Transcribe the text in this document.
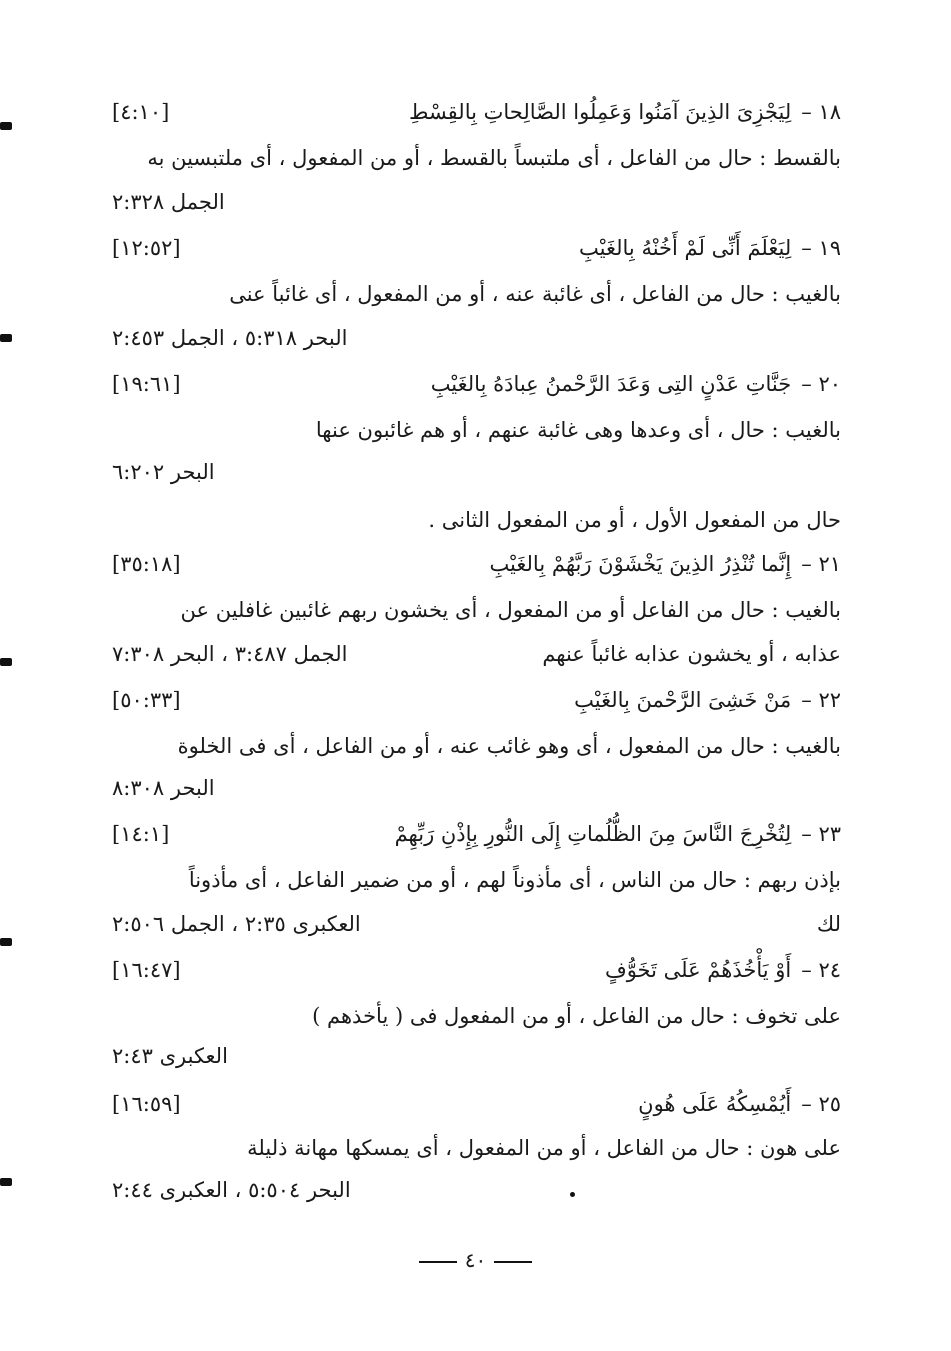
١٨ –لِيَجْزِىَ الذِينَ آمَنُوا وَعَمِلُوا الصَّالِحاتِ بِالقِسْطِ
[٤:١٠]
بالقسط : حال من الفاعل ، أى ملتبساً بالقسط ، أو من المفعول ، أى ملتبسين به
الجمل ٢:٣٢٨
١٩ –لِيَعْلَمَ أَنِّى لَمْ أَخُنْهُ بِالغَيْبِ
[١٢:٥٢]
بالغيب : حال من الفاعل ، أى غائبة عنه ، أو من المفعول ، أى غائباً عنى
البحر ٥:٣١٨ ، الجمل ٢:٤٥٣
٢٠ –جَنَّاتِ عَدْنٍ التِى وَعَدَ الرَّحْمنُ عِبادَهُ بِالغَيْبِ
[١٩:٦١]
بالغيب : حال ، أى وعدها وهى غائبة عنهم ، أو هم غائبون عنها
البحر ٦:٢٠٢
حال من المفعول الأول ، أو من المفعول الثانى .
٢١ –إِنَّما تُنْذِرُ الذِينَ يَخْشَوْنَ رَبَّهُمْ بِالغَيْبِ
[٣٥:١٨]
بالغيب : حال من الفاعل أو من المفعول ، أى يخشون ربهم غائبين غافلين عن
عذابه ، أو يخشون عذابه غائباً عنهم
الجمل ٣:٤٨٧ ، البحر ٧:٣٠٨
٢٢ –مَنْ خَشِىَ الرَّحْمنَ بِالغَيْبِ
[٥٠:٣٣]
بالغيب : حال من المفعول ، أى وهو غائب عنه ، أو من الفاعل ، أى فى الخلوة
البحر ٨:٣٠٨
٢٣ –لِتُخْرِجَ النَّاسَ مِنَ الظُّلُماتِ إِلَى النُّورِ بِإِذْنِ رَبِّهِمْ
[١٤:١]
بإذن ربهم : حال من الناس ، أى مأذوناً لهم ، أو من ضمير الفاعل ، أى مأذوناً
لك
العكبرى ٢:٣٥ ، الجمل ٢:٥٠٦
٢٤ –أَوْ يَأْخُذَهُمْ عَلَى تَخَوُّفٍ
[١٦:٤٧]
على تخوف : حال من الفاعل ، أو من المفعول فى ( يأخذهم )
العكبرى ٢:٤٣
٢٥ –أَيُمْسِكُهُ عَلَى هُونٍ
[١٦:٥٩]
على هون : حال من الفاعل ، أو من المفعول ، أى يمسكها مهانة ذليلة
البحر ٥:٥٠٤ ، العكبرى ٢:٤٤
٤٠
